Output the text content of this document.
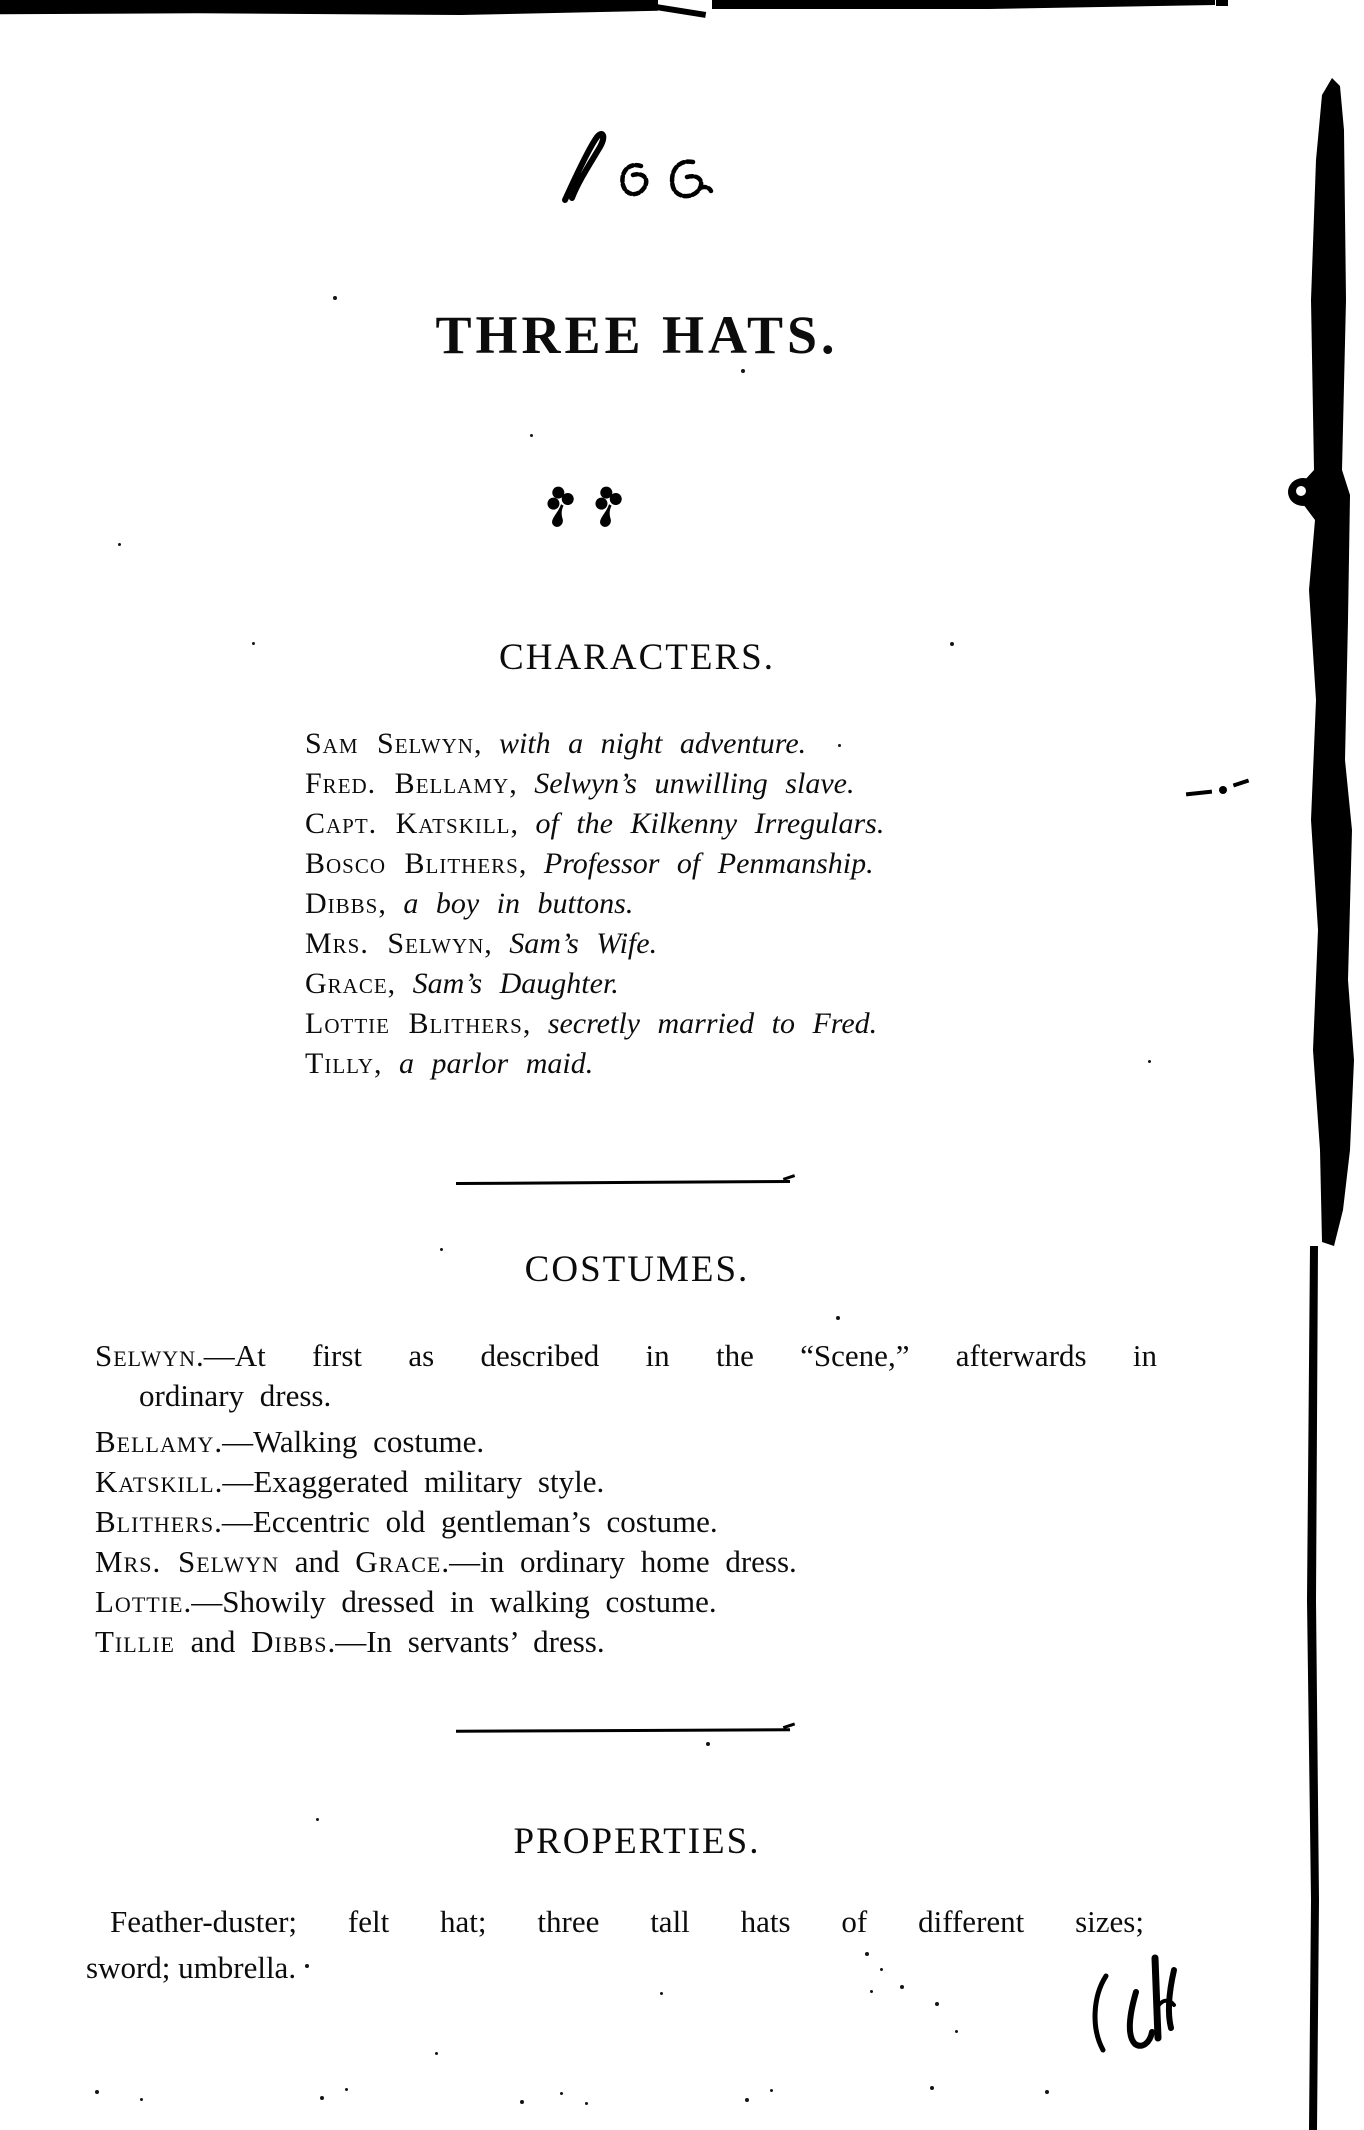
THREE HATS.
CHARACTERS.
Sam Selwyn, with a night adventure.
Fred. Bellamy, Selwyn’s unwilling slave.
Capt. Katskill, of the Kilkenny Irregulars.
Bosco Blithers, Professor of Penmanship.
Dibbs, a boy in buttons.
Mrs. Selwyn, Sam’s Wife.
Grace, Sam’s Daughter.
Lottie Blithers, secretly married to Fred.
Tilly, a parlor maid.
COSTUMES.
Selwyn.—At first as described in the “Scene,” afterwards in
ordinary dress.
Bellamy.—Walking costume.
Katskill.—Exaggerated military style.
Blithers.—Eccentric old gentleman’s costume.
Mrs. Selwyn and Grace.—in ordinary home dress.
Lottie.—Showily dressed in walking costume.
Tillie and Dibbs.—In servants’ dress.
PROPERTIES.
Feather-duster; felt hat; three tall hats of different sizes;
sword; umbrella.
